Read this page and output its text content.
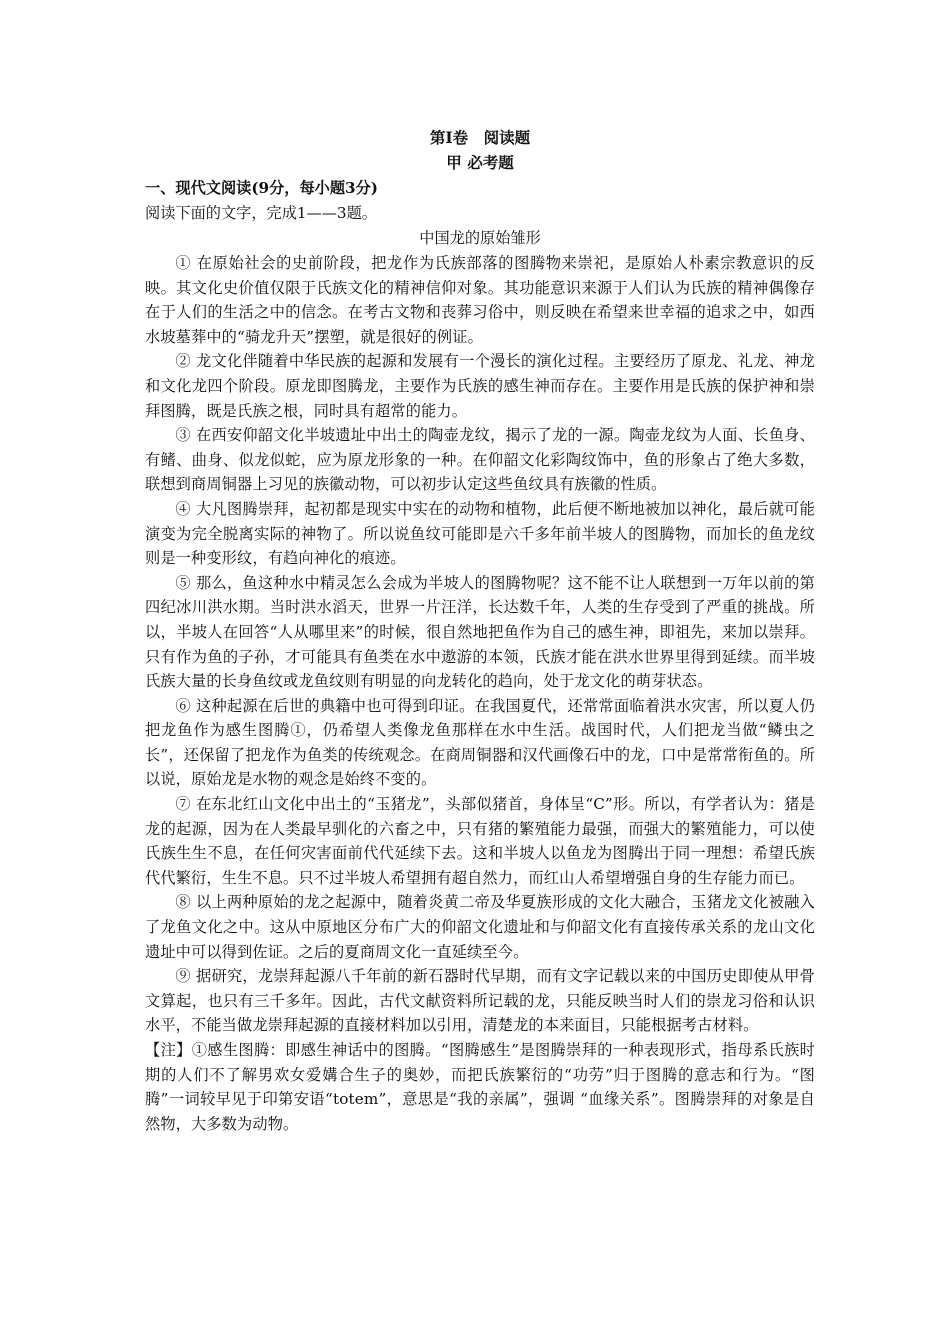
第Ⅰ卷　阅读题
甲 必考题
一、现代文阅读(9分，每小题3分)
阅读下面的文字，完成1——3题。
中国龙的原始雏形

① 在原始社会的史前阶段，把龙作为氏族部落的图腾物来崇祀，是原始人朴素宗教意识的反映。其文化史价值仅限于氏族文化的精神信仰对象。其功能意识来源于人们认为氏族的精神偶像存在于人们的生活之中的信念。在考古文物和丧葬习俗中，则反映在希望来世幸福的追求之中，如西水坡墓葬中的“骑龙升天”摆塑，就是很好的例证。

② 龙文化伴随着中华民族的起源和发展有一个漫长的演化过程。主要经历了原龙、礼龙、神龙和文化龙四个阶段。原龙即图腾龙，主要作为氏族的感生神而存在。主要作用是氏族的保护神和崇拜图腾，既是氏族之根，同时具有超常的能力。

③ 在西安仰韶文化半坡遗址中出土的陶壶龙纹，揭示了龙的一源。陶壶龙纹为人面、长鱼身、有鳍、曲身、似龙似蛇，应为原龙形象的一种。在仰韶文化彩陶纹饰中，鱼的形象占了绝大多数，联想到商周铜器上习见的族徽动物，可以初步认定这些鱼纹具有族徽的性质。

④ 大凡图腾崇拜，起初都是现实中实在的动物和植物，此后便不断地被加以神化，最后就可能演变为完全脱离实际的神物了。所以说鱼纹可能即是六千多年前半坡人的图腾物，而加长的鱼龙纹则是一种变形纹，有趋向神化的痕迹。

⑤ 那么，鱼这种水中精灵怎么会成为半坡人的图腾物呢？这不能不让人联想到一万年以前的第四纪冰川洪水期。当时洪水滔天，世界一片汪洋，长达数千年，人类的生存受到了严重的挑战。所以，半坡人在回答“人从哪里来”的时候，很自然地把鱼作为自己的感生神，即祖先，来加以崇拜。只有作为鱼的子孙，才可能具有鱼类在水中遨游的本领，氏族才能在洪水世界里得到延续。而半坡氏族大量的长身鱼纹或龙鱼纹则有明显的向龙转化的趋向，处于龙文化的萌芽状态。

⑥ 这种起源在后世的典籍中也可得到印证。在我国夏代，还常常面临着洪水灾害，所以夏人仍把龙鱼作为感生图腾①，仍希望人类像龙鱼那样在水中生活。战国时代，人们把龙当做“鳞虫之长”，还保留了把龙作为鱼类的传统观念。在商周铜器和汉代画像石中的龙，口中是常常衔鱼的。所以说，原始龙是水物的观念是始终不变的。

⑦ 在东北红山文化中出土的“玉猪龙”，头部似猪首，身体呈“C”形。所以，有学者认为：猪是龙的起源，因为在人类最早驯化的六畜之中，只有猪的繁殖能力最强，而强大的繁殖能力，可以使氏族生生不息，在任何灾害面前代代延续下去。这和半坡人以鱼龙为图腾出于同一理想：希望氏族代代繁衍，生生不息。只不过半坡人希望拥有超自然力，而红山人希望增强自身的生存能力而已。

⑧ 以上两种原始的龙之起源中，随着炎黄二帝及华夏族形成的文化大融合，玉猪龙文化被融入了龙鱼文化之中。这从中原地区分布广大的仰韶文化遗址和与仰韶文化有直接传承关系的龙山文化遗址中可以得到佐证。之后的夏商周文化一直延续至今。

⑨ 据研究，龙崇拜起源八千年前的新石器时代早期，而有文字记载以来的中国历史即使从甲骨文算起，也只有三千多年。因此，古代文献资料所记载的龙，只能反映当时人们的崇龙习俗和认识水平，不能当做龙崇拜起源的直接材料加以引用，清楚龙的本来面目，只能根据考古材料。

【注】①感生图腾：即感生神话中的图腾。“图腾感生”是图腾崇拜的一种表现形式，指母系氏族时期的人们不了解男欢女爱媾合生子的奥妙，而把氏族繁衍的“功劳”归于图腾的意志和行为。“图腾”一词较早见于印第安语“totem”，意思是“我的亲属”，强调 “血缘关系”。图腾崇拜的对象是自然物，大多数为动物。
